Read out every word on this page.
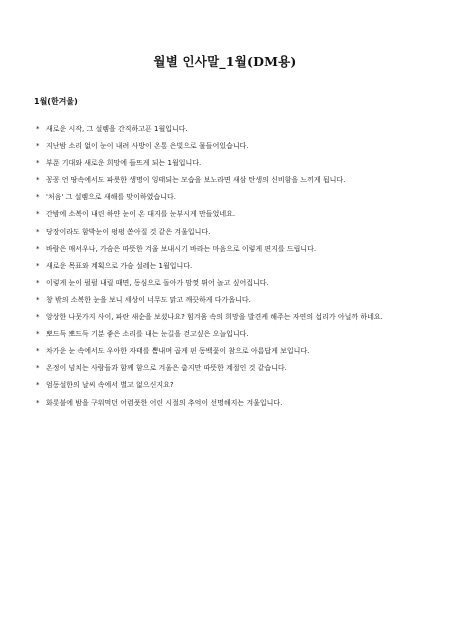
월별 인사말_1월(DM용)
1월(한겨울)
* 새로운 시작, 그 설렘을 간직하고픈 1월입니다.
* 지난밤 소리 없이 눈이 내려 사방이 온통 은빛으로 물들어있습니다.
* 부푼 기대와 새로운 희망에 들뜨게 되는 1월입니다.
* 꽁꽁 언 땅속에서도 파릇한 생명이 잉태되는 모습을 보노라면 새삼 탄생의 신비함을 느끼게 됩니다.
* '처음' 그 설렘으로 새해를 맞이하였습니다.
* 간밤에 소복이 내린 하얀 눈이 온 대지를 눈부시게 만들었네요.
* 당장이라도 함박눈이 펑펑 쏟아질 것 같은 겨울입니다.
* 바람은 매서우나, 가슴은 따뜻한 겨울 보내시기 바라는 마음으로 이렇게 편지를 드립니다.
* 새로운 목표와 계획으로 가슴 설레는 1월입니다.
* 이렇게 눈이 펄펄 내릴 때면, 동심으로 돌아가 맘껏 뛰어 놀고 싶어집니다.
* 창 밖의 소복한 눈을 보니 세상이 너무도 맑고 깨끗하게 다가옵니다.
* 앙상한 나뭇가지 사이, 파란 새순을 보셨나요? 힘겨움 속의 희망을 발견케 해주는 자연의 섭리가 아닐까 하네요.
* 뽀드득 뽀드득 기분 좋은 소리를 내는 눈길을 걷고싶은 오늘입니다.
* 차가운 눈 속에서도 우아한 자태를 뽐내며 곱게 핀 동백꽃이 참으로 아름답게 보입니다.
* 온정이 넘치는 사람들과 함께 함으로 겨울은 춥지만 따뜻한 계절인 것 같습니다.
* 엄동설한의 날씨 속에서 별고 없으신지요?
* 화롯불에 밤을 구워먹던 어렴풋한 어린 시절의 추억이 선명해지는 겨울입니다.
